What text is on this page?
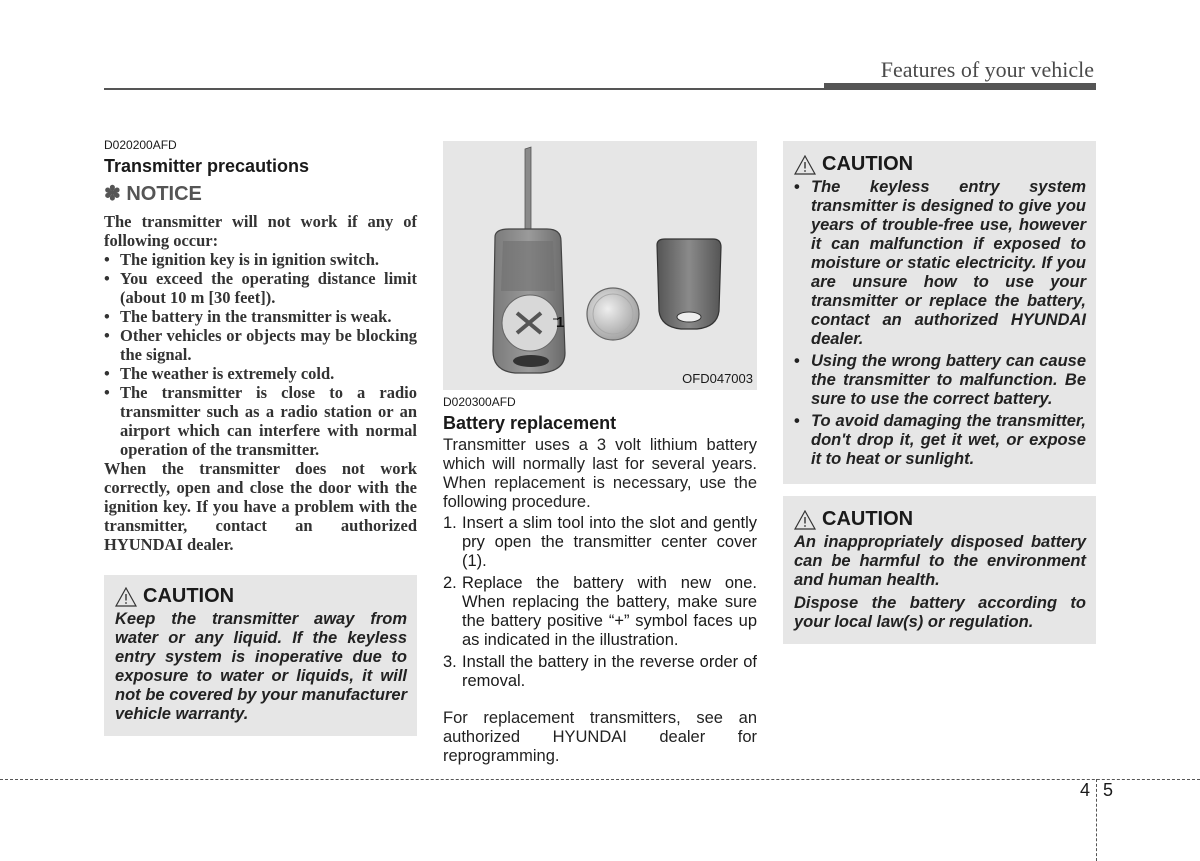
Features of your vehicle
D020200AFD
Transmitter precautions
✽ NOTICE

The transmitter will not work if any of following occur:

• The ignition key is in ignition switch.
• You exceed the operating distance limit (about 10 m [30 feet]).
• The battery in the transmitter is weak.
• Other vehicles or objects may be blocking the signal.
• The weather is extremely cold.
• The transmitter is close to a radio transmitter such as a radio station or an airport which can interfere with normal operation of the transmitter.

When the transmitter does not work correctly, open and close the door with the ignition key. If you have a problem with the transmitter, contact an authorized HYUNDAI dealer.

CAUTION

Keep the transmitter away from water or any liquid. If the keyless entry system is inoperative due to exposure to water or liquids, it will not be covered by your manufacturer vehicle warranty.

1
OFD047003
D020300AFD
Battery replacement

Transmitter uses a 3 volt lithium battery which will normally last for several years. When replacement is necessary, use the following procedure.

1. Insert a slim tool into the slot and gently pry open the transmitter center cover (1).
2. Replace the battery with new one. When replacing the battery, make sure the battery positive “+” symbol faces up as indicated in the illustration.
3. Install the battery in the reverse order of removal.

For replacement transmitters, see an authorized HYUNDAI dealer for reprogramming.

CAUTION
• The keyless entry system transmitter is designed to give you years of trouble-free use, however it can malfunction if exposed to moisture or static electricity. If you are unsure how to use your transmitter or replace the battery, contact an authorized HYUNDAI dealer.
• Using the wrong battery can cause the transmitter to malfunction. Be sure to use the correct battery.
• To avoid damaging the transmitter, don't drop it, get it wet, or expose it to heat or sunlight.
CAUTION

An inappropriately disposed battery can be harmful to the environment and human health.

Dispose the battery according to your local law(s) or regulation.

4 5
